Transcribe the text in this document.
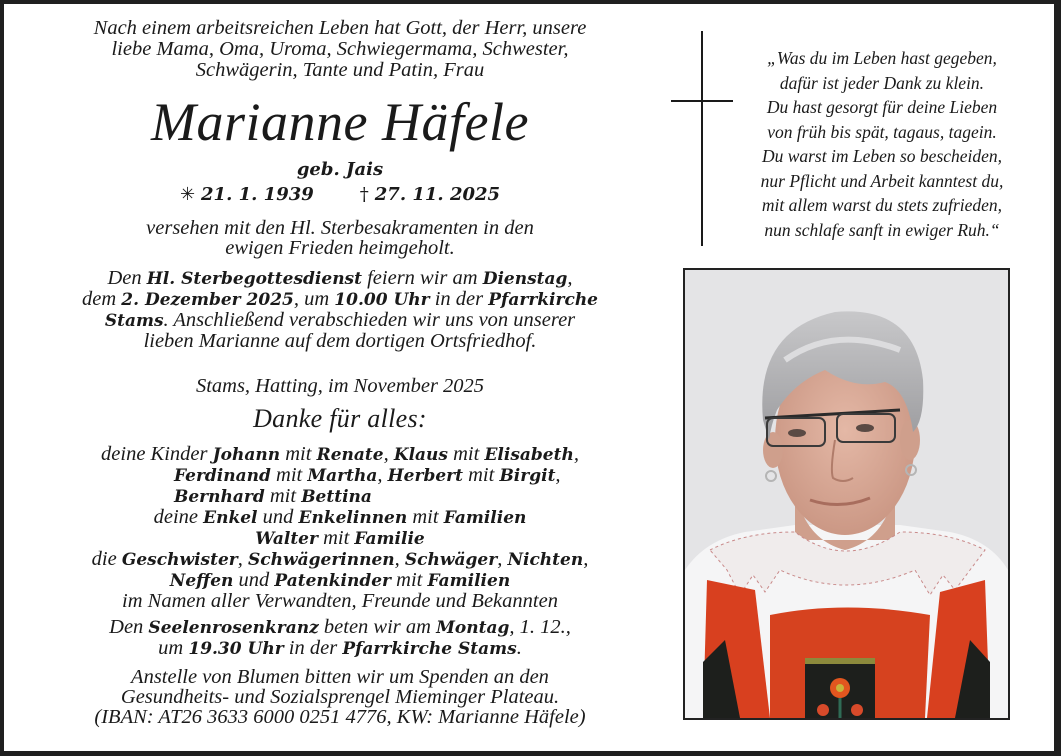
Nach einem arbeitsreichen Leben hat Gott, der Herr, unsere
liebe Mama, Oma, Uroma, Schwiegermama, Schwester,
Schwägerin, Tante und Patin, Frau
Marianne Häfele
geb. Jais
✳ 21. 1. 1939	† 27. 11. 2025
versehen mit den Hl. Sterbesakramenten in den
ewigen Frieden heimgeholt.
Den Hl. Sterbegottesdienst feiern wir am Dienstag,
dem 2. Dezember 2025, um 10.00 Uhr in der Pfarrkirche
Stams. Anschließend verabschieden wir uns von unserer
lieben Marianne auf dem dortigen Ortsfriedhof.
Stams, Hatting, im November 2025
Danke für alles:
deine Kinder Johann mit Renate, Klaus mit Elisabeth,
Ferdinand mit Martha, Herbert mit Birgit,
Bernhard mit Bettina
deine Enkel und Enkelinnen mit Familien
Walter mit Familie
die Geschwister, Schwägerinnen, Schwäger, Nichten,
Neffen und Patenkinder mit Familien
im Namen aller Verwandten, Freunde und Bekannten
Den Seelenrosenkranz beten wir am Montag, 1. 12.,
um 19.30 Uhr in der Pfarrkirche Stams.
Anstelle von Blumen bitten wir um Spenden an den
Gesundheits- und Sozialsprengel Mieminger Plateau.
(IBAN: AT26 3633 6000 0251 4776, KW: Marianne Häfele)
„Was du im Leben hast gegeben,
dafür ist jeder Dank zu klein.
Du hast gesorgt für deine Lieben
von früh bis spät, tagaus, tagein.
Du warst im Leben so bescheiden,
nur Pflicht und Arbeit kanntest du,
mit allem warst du stets zufrieden,
nun schlafe sanft in ewiger Ruh.“
